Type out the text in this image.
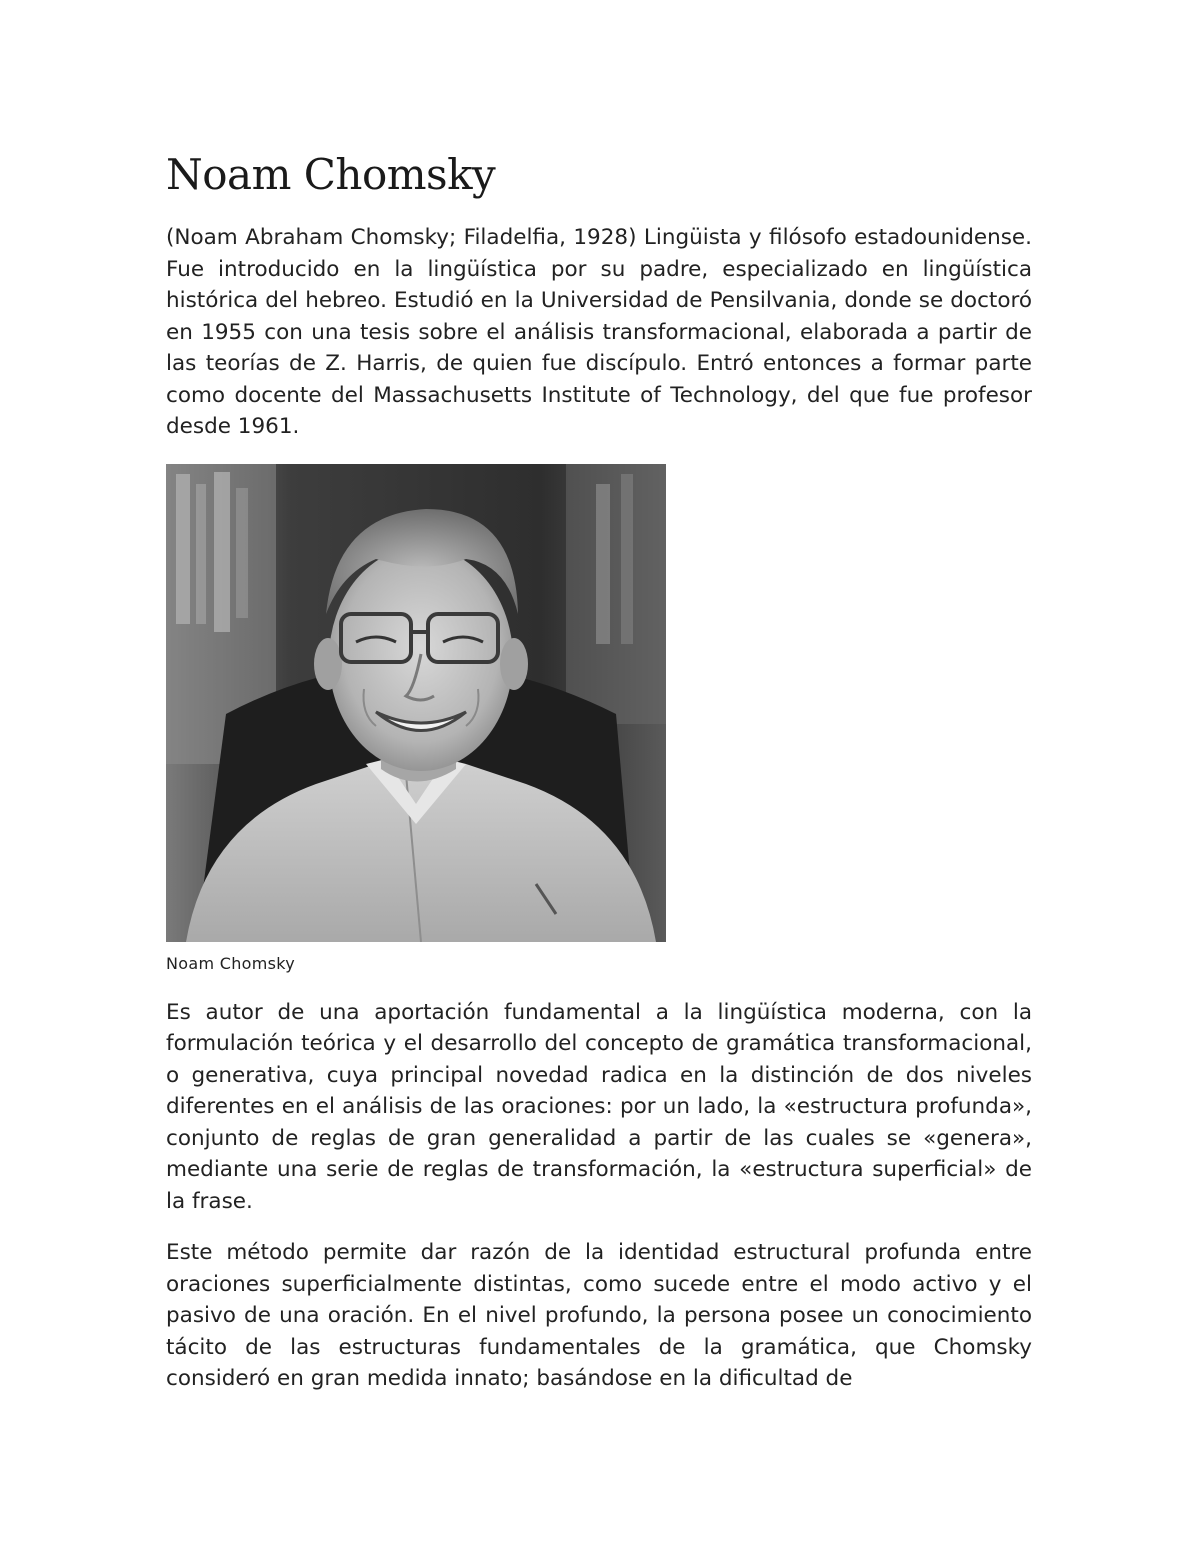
Noam Chomsky

(Noam Abraham Chomsky; Filadelfia, 1928) Lingüista y filósofo estadounidense. Fue introducido en la lingüística por su padre, especializado en lingüística histórica del hebreo. Estudió en la Universidad de Pensilvania, donde se doctoró en 1955 con una tesis sobre el análisis transformacional, elaborada a partir de las teorías de Z. Harris, de quien fue discípulo. Entró entonces a formar parte como docente del Massachusetts Institute of Technology, del que fue profesor desde 1961.

Noam Chomsky

Es autor de una aportación fundamental a la lingüística moderna, con la formulación teórica y el desarrollo del concepto de gramática transformacional, o generativa, cuya principal novedad radica en la distinción de dos niveles diferentes en el análisis de las oraciones: por un lado, la «estructura profunda», conjunto de reglas de gran generalidad a partir de las cuales se «genera», mediante una serie de reglas de transformación, la «estructura superficial» de la frase.

Este método permite dar razón de la identidad estructural profunda entre oraciones superficialmente distintas, como sucede entre el modo activo y el pasivo de una oración. En el nivel profundo, la persona posee un conocimiento tácito de las estructuras fundamentales de la gramática, que Chomsky consideró en gran medida innato; basándose en la dificultad de
